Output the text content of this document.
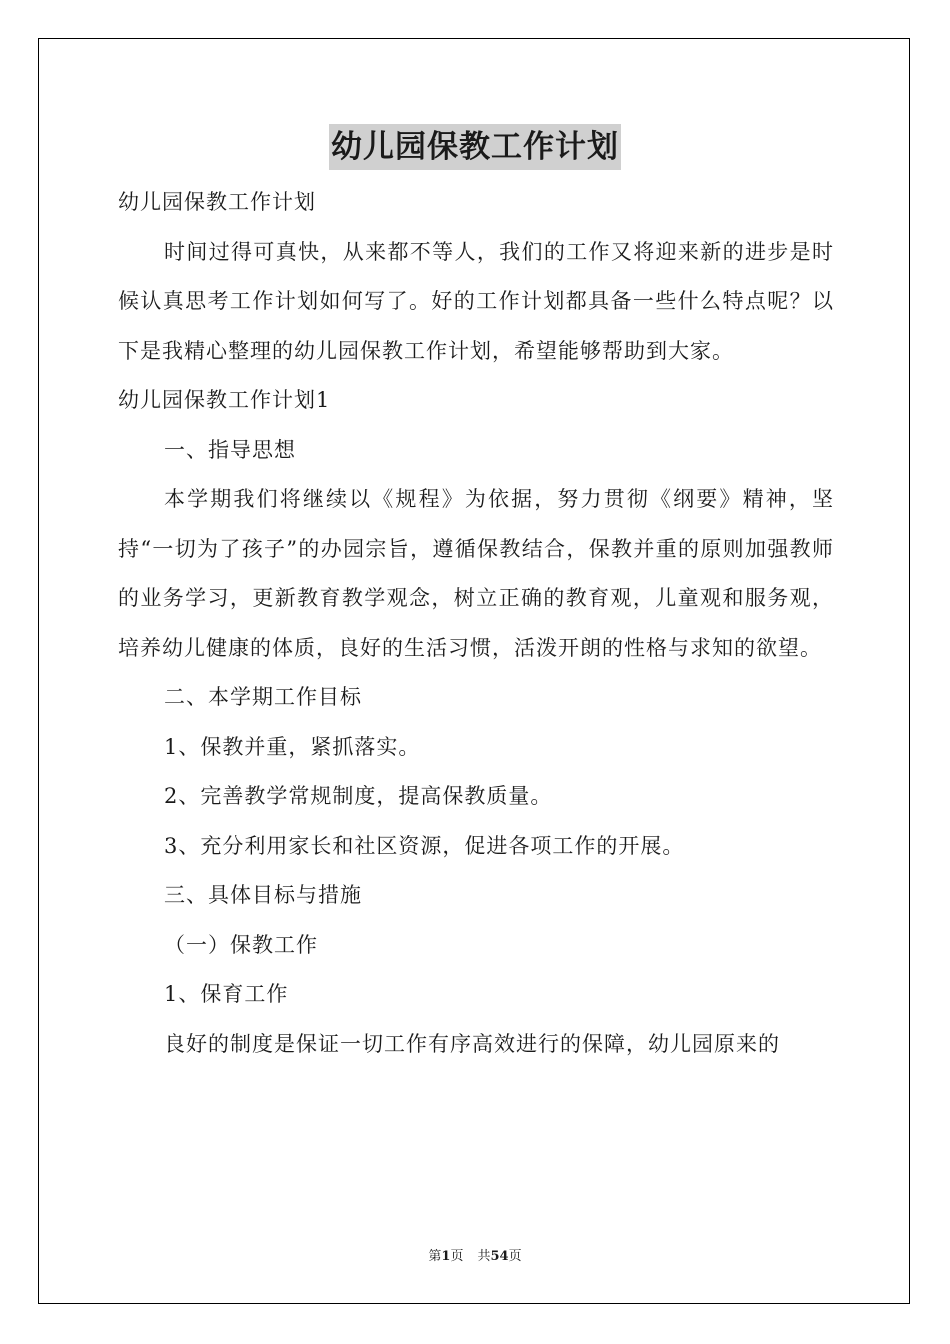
幼儿园保教工作计划

幼儿园保教工作计划

时间过得可真快，从来都不等人，我们的工作又将迎来新的进步是时候认真思考工作计划如何写了。好的工作计划都具备一些什么特点呢？以下是我精心整理的幼儿园保教工作计划，希望能够帮助到大家。

幼儿园保教工作计划1

一、指导思想

本学期我们将继续以《规程》为依据，努力贯彻《纲要》精神，坚持“一切为了孩子”的办园宗旨，遵循保教结合，保教并重的原则加强教师的业务学习，更新教育教学观念，树立正确的教育观，儿童观和服务观，培养幼儿健康的体质，良好的生活习惯，活泼开朗的性格与求知的欲望。

二、本学期工作目标

1、保教并重，紧抓落实。

2、完善教学常规制度，提高保教质量。

3、充分利用家长和社区资源，促进各项工作的开展。

三、具体目标与措施

（一）保教工作

1、保育工作

良好的制度是保证一切工作有序高效进行的保障，幼儿园原来的

第1页 共54页
